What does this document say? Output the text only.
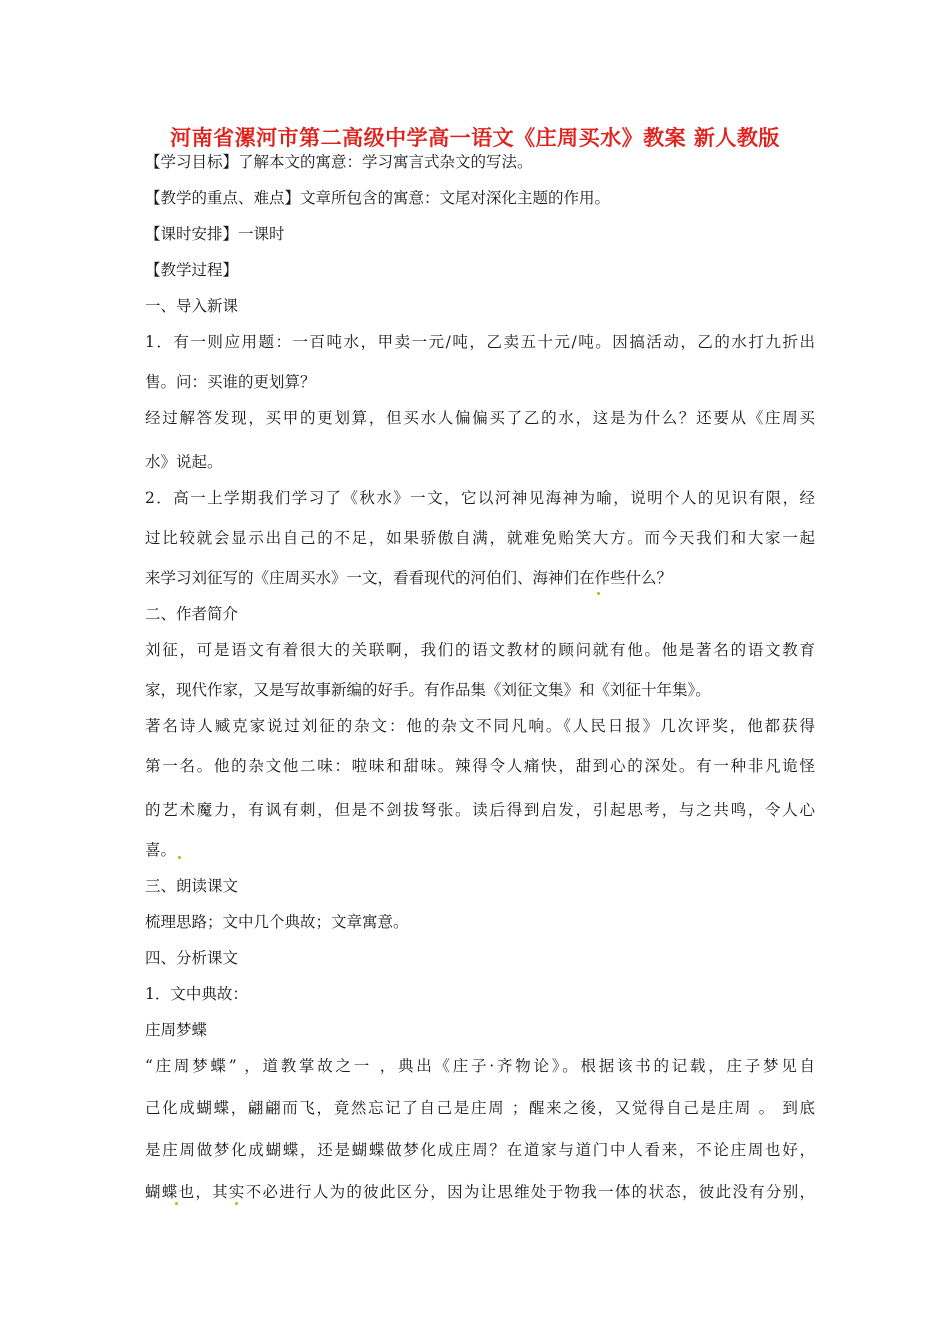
河南省漯河市第二高级中学高一语文《庄周买水》教案 新人教版
【学习目标】了解本文的寓意：学习寓言式杂文的写法。
【教学的重点、难点】文章所包含的寓意：文尾对深化主题的作用。
【课时安排】一课时
【教学过程】
一、导入新课
1．有一则应用题：一百吨水，甲卖一元/吨，乙卖五十元/吨。因搞活动，乙的水打九折出
售。问：买谁的更划算？
经过解答发现，买甲的更划算，但买水人偏偏买了乙的水，这是为什么？还要从《庄周买
水》说起。
2．高一上学期我们学习了《秋水》一文，它以河神见海神为喻，说明个人的见识有限，经
过比较就会显示出自己的不足，如果骄傲自满，就难免贻笑大方。而今天我们和大家一起
来学习刘征写的《庄周买水》一文，看看现代的河伯们、海神们在作些什么？
二、作者简介
刘征，可是语文有着很大的关联啊，我们的语文教材的顾问就有他。他是著名的语文教育
家，现代作家，又是写故事新编的好手。有作品集《刘征文集》和《刘征十年集》。
著名诗人臧克家说过刘征的杂文：他的杂文不同凡响。《人民日报》几次评奖，他都获得
第一名。他的杂文他二味：啦味和甜味。辣得令人痛快，甜到心的深处。有一种非凡诡怪
的艺术魔力，有讽有刺，但是不剑拔弩张。读后得到启发，引起思考，与之共鸣，令人心
喜。
三、朗读课文
梳理思路；文中几个典故；文章寓意。
四、分析课文
1．文中典故：
庄周梦蝶
“庄周梦蝶” ，道教掌故之一 ，典出《庄子·齐物论》。根据该书的记载，庄子梦见自
己化成蝴蝶，翩翩而飞，竟然忘记了自己是庄周 ；醒来之後，又觉得自己是庄周 。 到底
是庄周做梦化成蝴蝶，还是蝴蝶做梦化成庄周？在道家与道门中人看来，不论庄周也好，
蝴蝶也，其实不必进行人为的彼此区分，因为让思维处于物我一体的状态，彼此没有分别，
